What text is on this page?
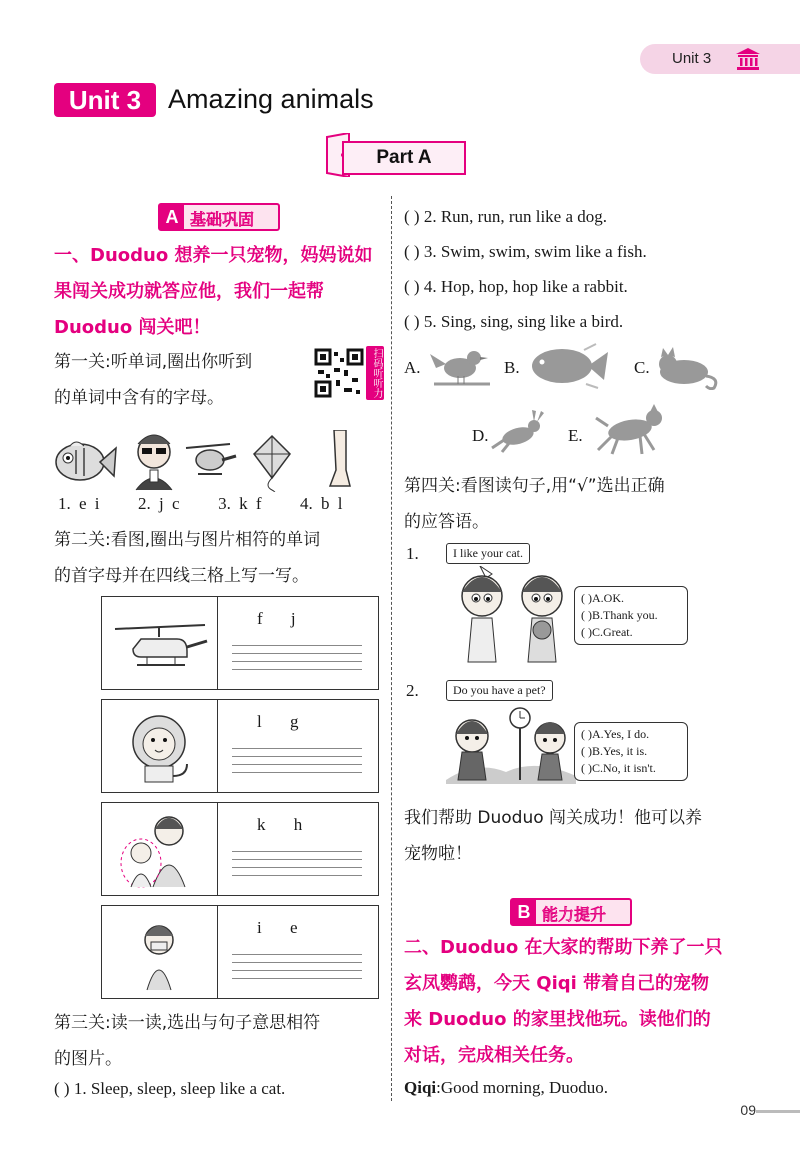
Unit 3
Unit 3 Amazing animals
Part A
A 基础巩固
一、Duoduo 想养一只宠物，妈妈说如
果闯关成功就答应他，我们一起帮
Duoduo 闯关吧！
第一关:听单词,圈出你听到
的单词中含有的字母。	扫码听听力
1. e i 2. j c 3. k f 4. b l
第二关:看图,圈出与图片相符的单词
的首字母并在四线三格上写一写。
f j
l g
k h
i e
第三关:读一读,选出与句子意思相符
的图片。
( ) 1. Sleep, sleep, sleep like a cat.
( ) 2. Run, run, run like a dog.
( ) 3. Swim, swim, swim like a fish.
( ) 4. Hop, hop, hop like a rabbit.
( ) 5. Sing, sing, sing like a bird.
A.	B.	C.
D.	E.
第四关:看图读句子,用“√”选出正确
的应答语。
1.	I like your cat.
( )A.OK.
( )B.Thank you.
( )C.Great.
2.	Do you have a pet?
( )A.Yes, I do.
( )B.Yes, it is.
( )C.No, it isn't.
我们帮助 Duoduo 闯关成功！他可以养
宠物啦！
B 能力提升
二、Duoduo 在大家的帮助下养了一只
玄凤鹦鹉，今天 Qiqi 带着自己的宠物
来 Duoduo 的家里找他玩。读他们的
对话，完成相关任务。
Qiqi:Good morning, Duoduo.
09
